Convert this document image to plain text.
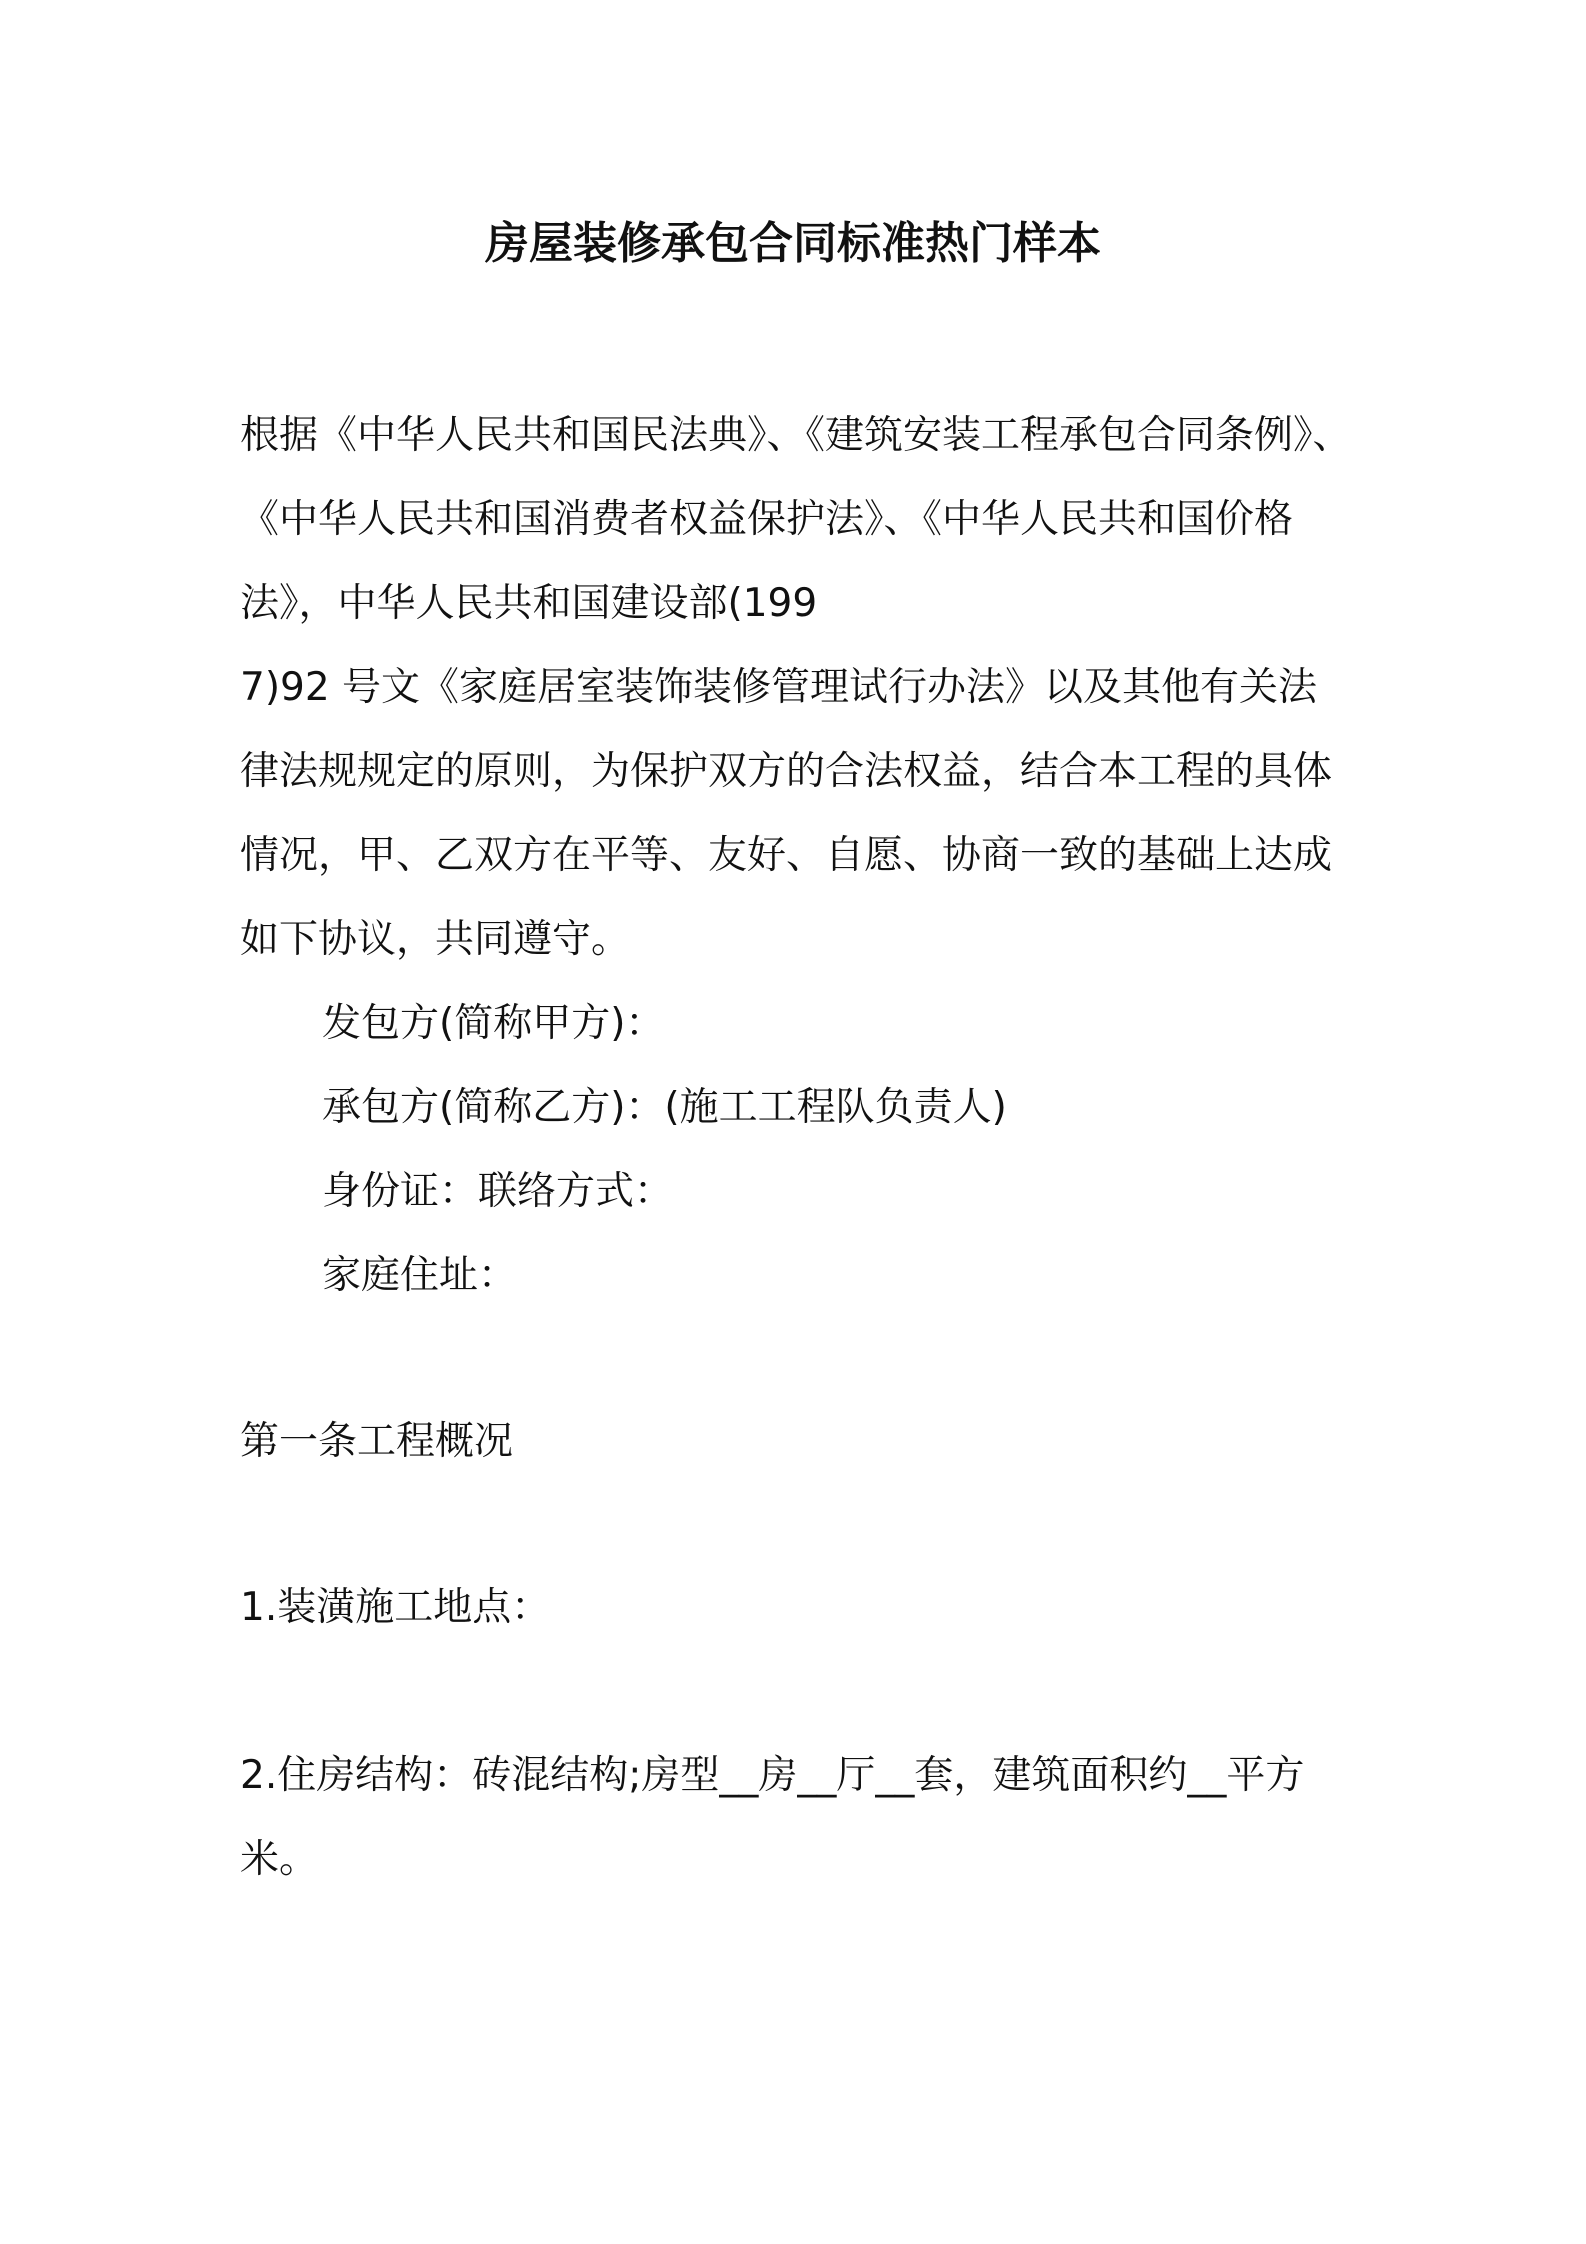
房屋装修承包合同标准热门样本

根据《中华人民共和国民法典》、《建筑安装工程承包合同条例》、

《中华人民共和国消费者权益保护法》、《中华人民共和国价格

法》，中华人民共和国建设部(199

7)92 号文《家庭居室装饰装修管理试行办法》以及其他有关法

律法规规定的原则，为保护双方的合法权益，结合本工程的具体

情况，甲、乙双方在平等、友好、自愿、协商一致的基础上达成

如下协议，共同遵守。

发包方(简称甲方)：

承包方(简称乙方)：(施工工程队负责人)

身份证：联络方式：

家庭住址：

第一条工程概况

1.装潢施工地点：

2.住房结构：砖混结构;房型__房__厅__套，建筑面积约__平方

米。
